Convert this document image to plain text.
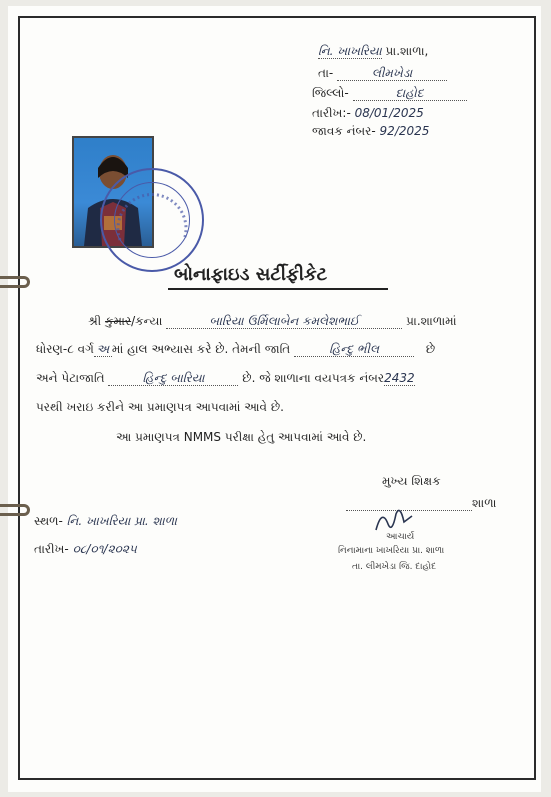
નિ. ખાખરિયા પ્રા.શાળા,
તા-	લીમખેડા
જિલ્લો-	દાહોદ
તારીખ:- 08/01/2025
જાવક નંબર- 92/2025
બોનાફાઇડ સર્ટીફીકેટ
શ્રી કુમાર/કન્યા	બારિયા ઉર્મિલાબેન કમલેશભાઈ	પ્રા.શાળામાં
ધોરણ-૮ વર્ગ અ માં હાલ અભ્યાસ કરે છે. તેમની જાતિ	હિન્દુ ભીલ	છે
અને પેટાજાતિ	હિન્દુ બારિયા	છે. જે શાળાના વયપત્રક નંબર2432
પરથી ખરાઇ કરીને આ પ્રમાણપત્ર આપવામાં આવે છે.
આ પ્રમાણપત્ર NMMS પરીક્ષા હેતુ આપવામાં આવે છે.
મુખ્ય શિક્ષક
શાળા
આચાર્ય
નિનામાના ખાખરિયા પ્રા. શાળા
તા. લીમખેડા જિ. દાહોદ
સ્થળ- નિ. ખાખરિયા પ્રા. શાળા
તારીખ- ૦૮/૦૧/૨૦૨૫
